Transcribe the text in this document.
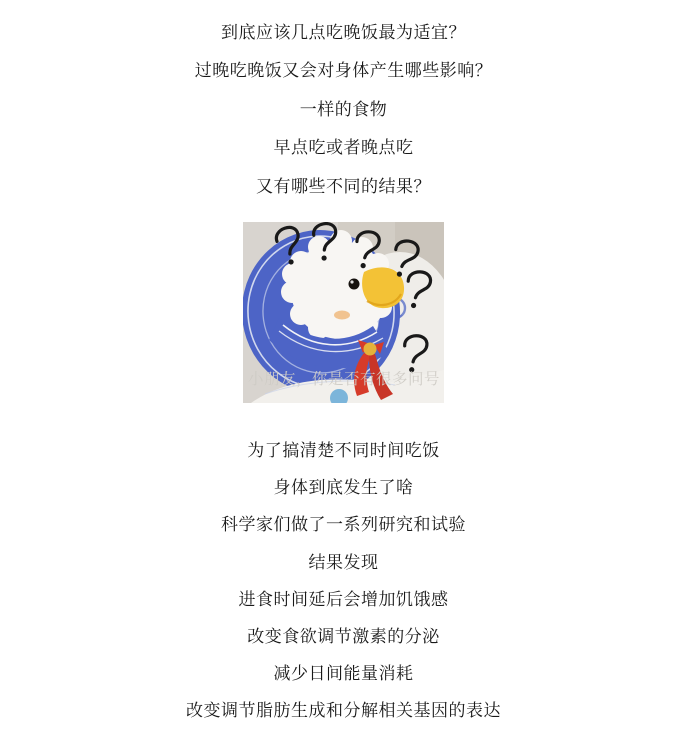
到底应该几点吃晚饭最为适宜？

过晚吃晚饭又会对身体产生哪些影响？

一样的食物

早点吃或者晚点吃

又有哪些不同的结果？

小朋友，你是否有很多问号

为了搞清楚不同时间吃饭

身体到底发生了啥

科学家们做了一系列研究和试验

结果发现

进食时间延后会增加饥饿感

改变食欲调节激素的分泌

减少日间能量消耗

改变调节脂肪生成和分解相关基因的表达
